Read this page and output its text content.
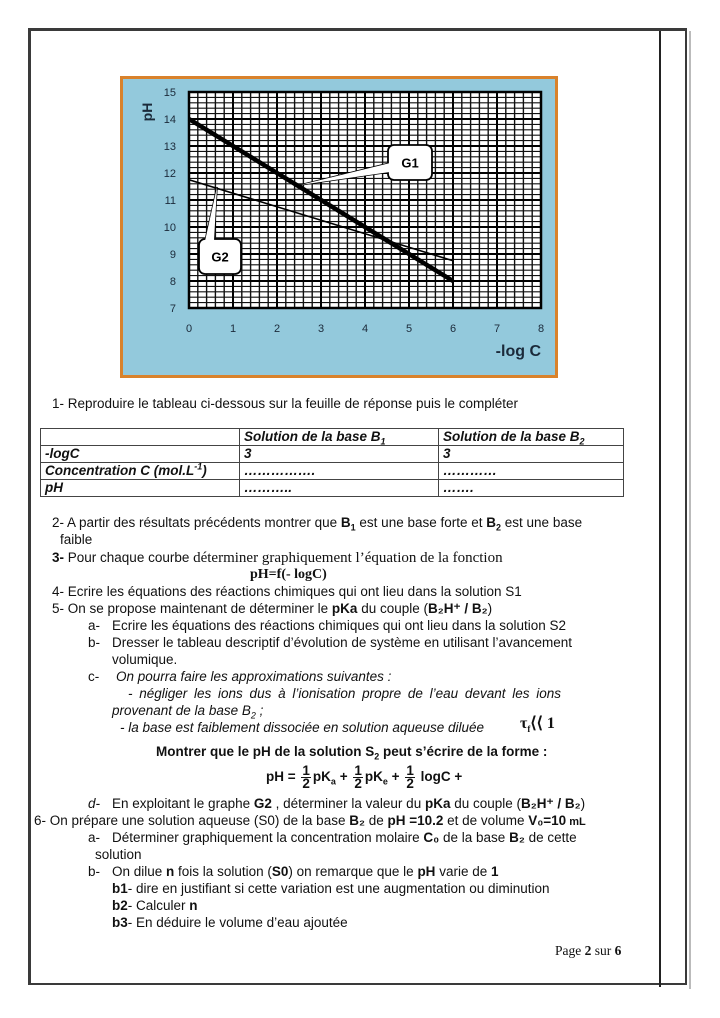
0	1	2	3	4	5	6	7	8
7
8
9
10
11
12
13
14
15
-log C
pH
G1
G2
1- Reproduire le tableau ci-dessous sur la feuille de réponse puis le compléter
	Solution de la base $B_1$	Solution de la base $B_2$
-logC	3	3
Concentration C $(mol.L^{-1})$	…………….	…………
pH	………..	…….
2- A partir des résultats précédents montrer que $B_1$ est une base forte et $B_2$ est une base
faible
3- Pour chaque courbe déterminer graphiquement l’équation de la fonction
pH=f(- logC)
4- Ecrire les équations des réactions chimiques qui ont lieu dans la solution S1
5- On se propose maintenant de déterminer le pKa du couple (B₂H⁺ / B₂)
a- Ecrire les équations des réactions chimiques qui ont lieu dans la solution S2
b- Dresser le tableau descriptif d’évolution de système en utilisant l’avancement
volumique.
c- On pourra faire les approximations suivantes :
- négliger les ions dus à l’ionisation propre de l’eau devant les ions
provenant de la base $B_2$ ;
- la base est faiblement dissociée en solution aqueuse diluée $\tau_f⟨⟨$ 1
Montrer que le pH de la solution $S_2$ peut s’écrire de la forme :
pH = $\frac{1}{2} pK_a + \frac{1}{2} pK_e + \frac{1}{2}$ logC +
d- En exploitant le graphe G2 , déterminer la valeur du pKa du couple (B₂H⁺ / B₂)
6- On prépare une solution aqueuse (S0) de la base B₂ de pH =10.2 et de volume V₀=10 mL
a- Déterminer graphiquement la concentration molaire C₀ de la base B₂ de cette
solution
b- On dilue n fois la solution (S0) on remarque que le pH varie de 1
b1- dire en justifiant si cette variation est une augmentation ou diminution
b2- Calculer n
b3- En déduire le volume d’eau ajoutée
Page 2 sur 6
